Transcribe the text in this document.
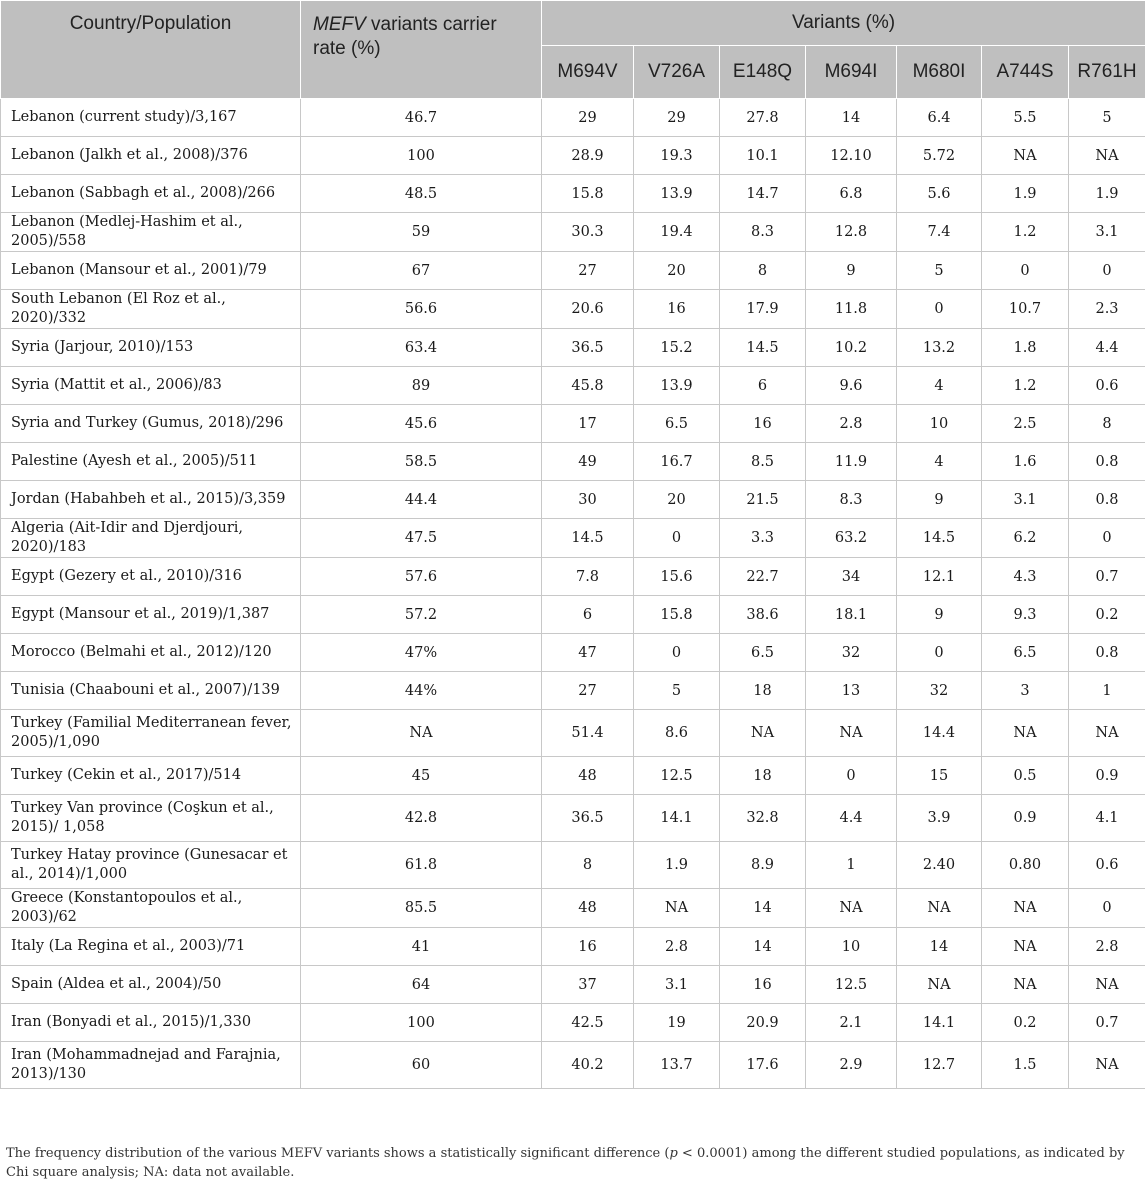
Country/Population	MEFV variants carrier rate (%)	Variants (%)						
		M694V	V726A	E148Q	M694I	M680I	A744S	R761H
Lebanon (current study)/3,167	46.7	29	29	27.8	14	6.4	5.5	5
Lebanon (Jalkh et al., 2008)/376	100	28.9	19.3	10.1	12.10	5.72	NA	NA
Lebanon (Sabbagh et al., 2008)/266	48.5	15.8	13.9	14.7	6.8	5.6	1.9	1.9
Lebanon (Medlej-Hashim et al., 2005)/558	59	30.3	19.4	8.3	12.8	7.4	1.2	3.1
Lebanon (Mansour et al., 2001)/79	67	27	20	8	9	5	0	0
South Lebanon (El Roz et al., 2020)/332	56.6	20.6	16	17.9	11.8	0	10.7	2.3
Syria (Jarjour, 2010)/153	63.4	36.5	15.2	14.5	10.2	13.2	1.8	4.4
Syria (Mattit et al., 2006)/83	89	45.8	13.9	6	9.6	4	1.2	0.6
Syria and Turkey (Gumus, 2018)/296	45.6	17	6.5	16	2.8	10	2.5	8
Palestine (Ayesh et al., 2005)/511	58.5	49	16.7	8.5	11.9	4	1.6	0.8
Jordan (Habahbeh et al., 2015)/3,359	44.4	30	20	21.5	8.3	9	3.1	0.8
Algeria (Ait-Idir and Djerdjouri, 2020)/183	47.5	14.5	0	3.3	63.2	14.5	6.2	0
Egypt (Gezery et al., 2010)/316	57.6	7.8	15.6	22.7	34	12.1	4.3	0.7
Egypt (Mansour et al., 2019)/1,387	57.2	6	15.8	38.6	18.1	9	9.3	0.2
Morocco (Belmahi et al., 2012)/120	47%	47	0	6.5	32	0	6.5	0.8
Tunisia (Chaabouni et al., 2007)/139	44%	27	5	18	13	32	3	1
Turkey (Familial Mediterranean fever, 2005)/1,090	NA	51.4	8.6	NA	NA	14.4	NA	NA
Turkey (Cekin et al., 2017)/514	45	48	12.5	18	0	15	0.5	0.9
Turkey Van province (Coşkun et al., 2015)/ 1,058	42.8	36.5	14.1	32.8	4.4	3.9	0.9	4.1
Turkey Hatay province (Gunesacar et al., 2014)/1,000	61.8	8	1.9	8.9	1	2.40	0.80	0.6
Greece (Konstantopoulos et al., 2003)/62	85.5	48	NA	14	NA	NA	NA	0
Italy (La Regina et al., 2003)/71	41	16	2.8	14	10	14	NA	2.8
Spain (Aldea et al., 2004)/50	64	37	3.1	16	12.5	NA	NA	NA
Iran (Bonyadi et al., 2015)/1,330	100	42.5	19	20.9	2.1	14.1	0.2	0.7
Iran (Mohammadnejad and Farajnia, 2013)/130	60	40.2	13.7	17.6	2.9	12.7	1.5	NA
The frequency distribution of the various MEFV variants shows a statistically significant difference (p < 0.0001) among the different studied populations, as indicated by Chi square analysis; NA: data not available.
